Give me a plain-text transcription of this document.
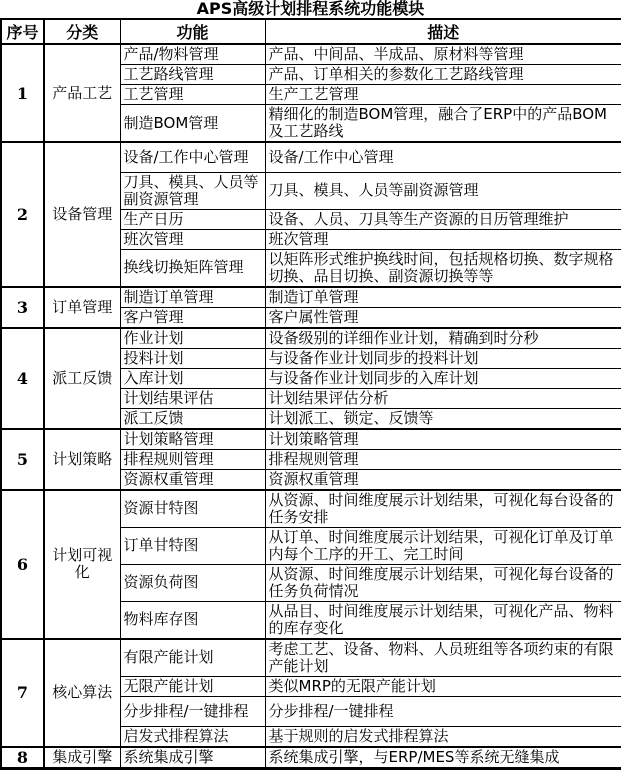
APS高级计划排程系统功能模块
序号	分类	功能	描述
1	产品工艺	产品/物料管理	产品、中间品、半成品、原材料等管理
		工艺路线管理	产品、订单相关的参数化工艺路线管理
		工艺管理	生产工艺管理
		制造BOM管理	精细化的制造BOM管理，融合了ERP中的产品BOM及工艺路线
2	设备管理	设备/工作中心管理	设备/工作中心管理
		刀具、模具、人员等副资源管理	刀具、模具、人员等副资源管理
		生产日历	设备、人员、刀具等生产资源的日历管理维护
		班次管理	班次管理
		换线切换矩阵管理	以矩阵形式维护换线时间，包括规格切换、数字规格切换、品目切换、副资源切换等等
3	订单管理	制造订单管理	制造订单管理
		客户管理	客户属性管理
4	派工反馈	作业计划	设备级别的详细作业计划，精确到时分秒
		投料计划	与设备作业计划同步的投料计划
		入库计划	与设备作业计划同步的入库计划
		计划结果评估	计划结果评估分析
		派工反馈	计划派工、锁定、反馈等
5	计划策略	计划策略管理	计划策略管理
		排程规则管理	排程规则管理
		资源权重管理	资源权重管理
6	计划可视化	资源甘特图	从资源、时间维度展示计划结果，可视化每台设备的任务安排
		订单甘特图	从订单、时间维度展示计划结果，可视化订单及订单内每个工序的开工、完工时间
		资源负荷图	从资源、时间维度展示计划结果，可视化每台设备的任务负荷情况
		物料库存图	从品目、时间维度展示计划结果，可视化产品、物料的库存变化
7	核心算法	有限产能计划	考虑工艺、设备、物料、人员班组等各项约束的有限产能计划
		无限产能计划	类似MRP的无限产能计划
		分步排程/一键排程	分步排程/一键排程
		启发式排程算法	基于规则的启发式排程算法
8	集成引擎	系统集成引擎	系统集成引擎，与ERP/MES等系统无缝集成
